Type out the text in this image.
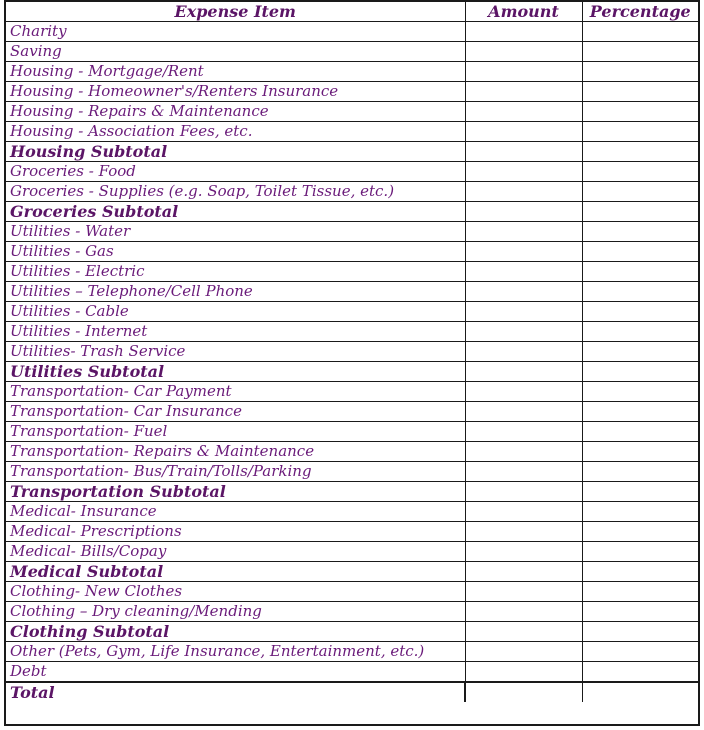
Expense Item	Amount	Percentage
Charity		
Saving		
Housing - Mortgage/Rent		
Housing - Homeowner's/Renters Insurance		
Housing - Repairs & Maintenance		
Housing - Association Fees, etc.		
Housing Subtotal		
Groceries - Food		
Groceries - Supplies (e.g. Soap, Toilet Tissue, etc.)		
Groceries Subtotal		
Utilities - Water		
Utilities - Gas		
Utilities - Electric		
Utilities – Telephone/Cell Phone		
Utilities - Cable		
Utilities - Internet		
Utilities- Trash Service		
Utilities Subtotal		
Transportation- Car Payment		
Transportation- Car Insurance		
Transportation- Fuel		
Transportation- Repairs & Maintenance		
Transportation- Bus/Train/Tolls/Parking		
Transportation Subtotal		
Medical- Insurance		
Medical- Prescriptions		
Medical- Bills/Copay		
Medical Subtotal		
Clothing- New Clothes		
Clothing – Dry cleaning/Mending		
Clothing Subtotal		
Other (Pets, Gym, Life Insurance, Entertainment, etc.)		
Debt		
Total		
